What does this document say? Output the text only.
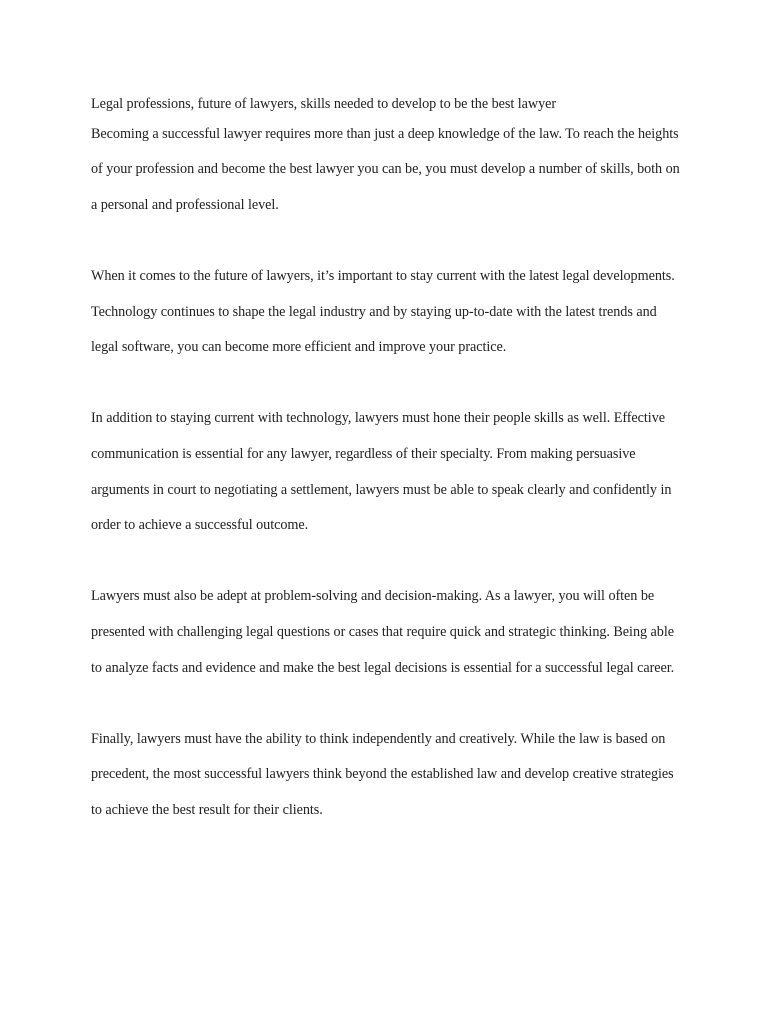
Legal professions, future of lawyers, skills needed to develop to be the best lawyer

Becoming a successful lawyer requires more than just a deep knowledge of the law. To reach the heights of your profession and become the best lawyer you can be, you must develop a number of skills, both on a personal and professional level.

When it comes to the future of lawyers, it’s important to stay current with the latest legal developments. Technology continues to shape the legal industry and by staying up-to-date with the latest trends and legal software, you can become more efficient and improve your practice.

In addition to staying current with technology, lawyers must hone their people skills as well. Effective communication is essential for any lawyer, regardless of their specialty. From making persuasive arguments in court to negotiating a settlement, lawyers must be able to speak clearly and confidently in order to achieve a successful outcome.

Lawyers must also be adept at problem-solving and decision-making. As a lawyer, you will often be presented with challenging legal questions or cases that require quick and strategic thinking. Being able to analyze facts and evidence and make the best legal decisions is essential for a successful legal career.

Finally, lawyers must have the ability to think independently and creatively. While the law is based on precedent, the most successful lawyers think beyond the established law and develop creative strategies to achieve the best result for their clients.
